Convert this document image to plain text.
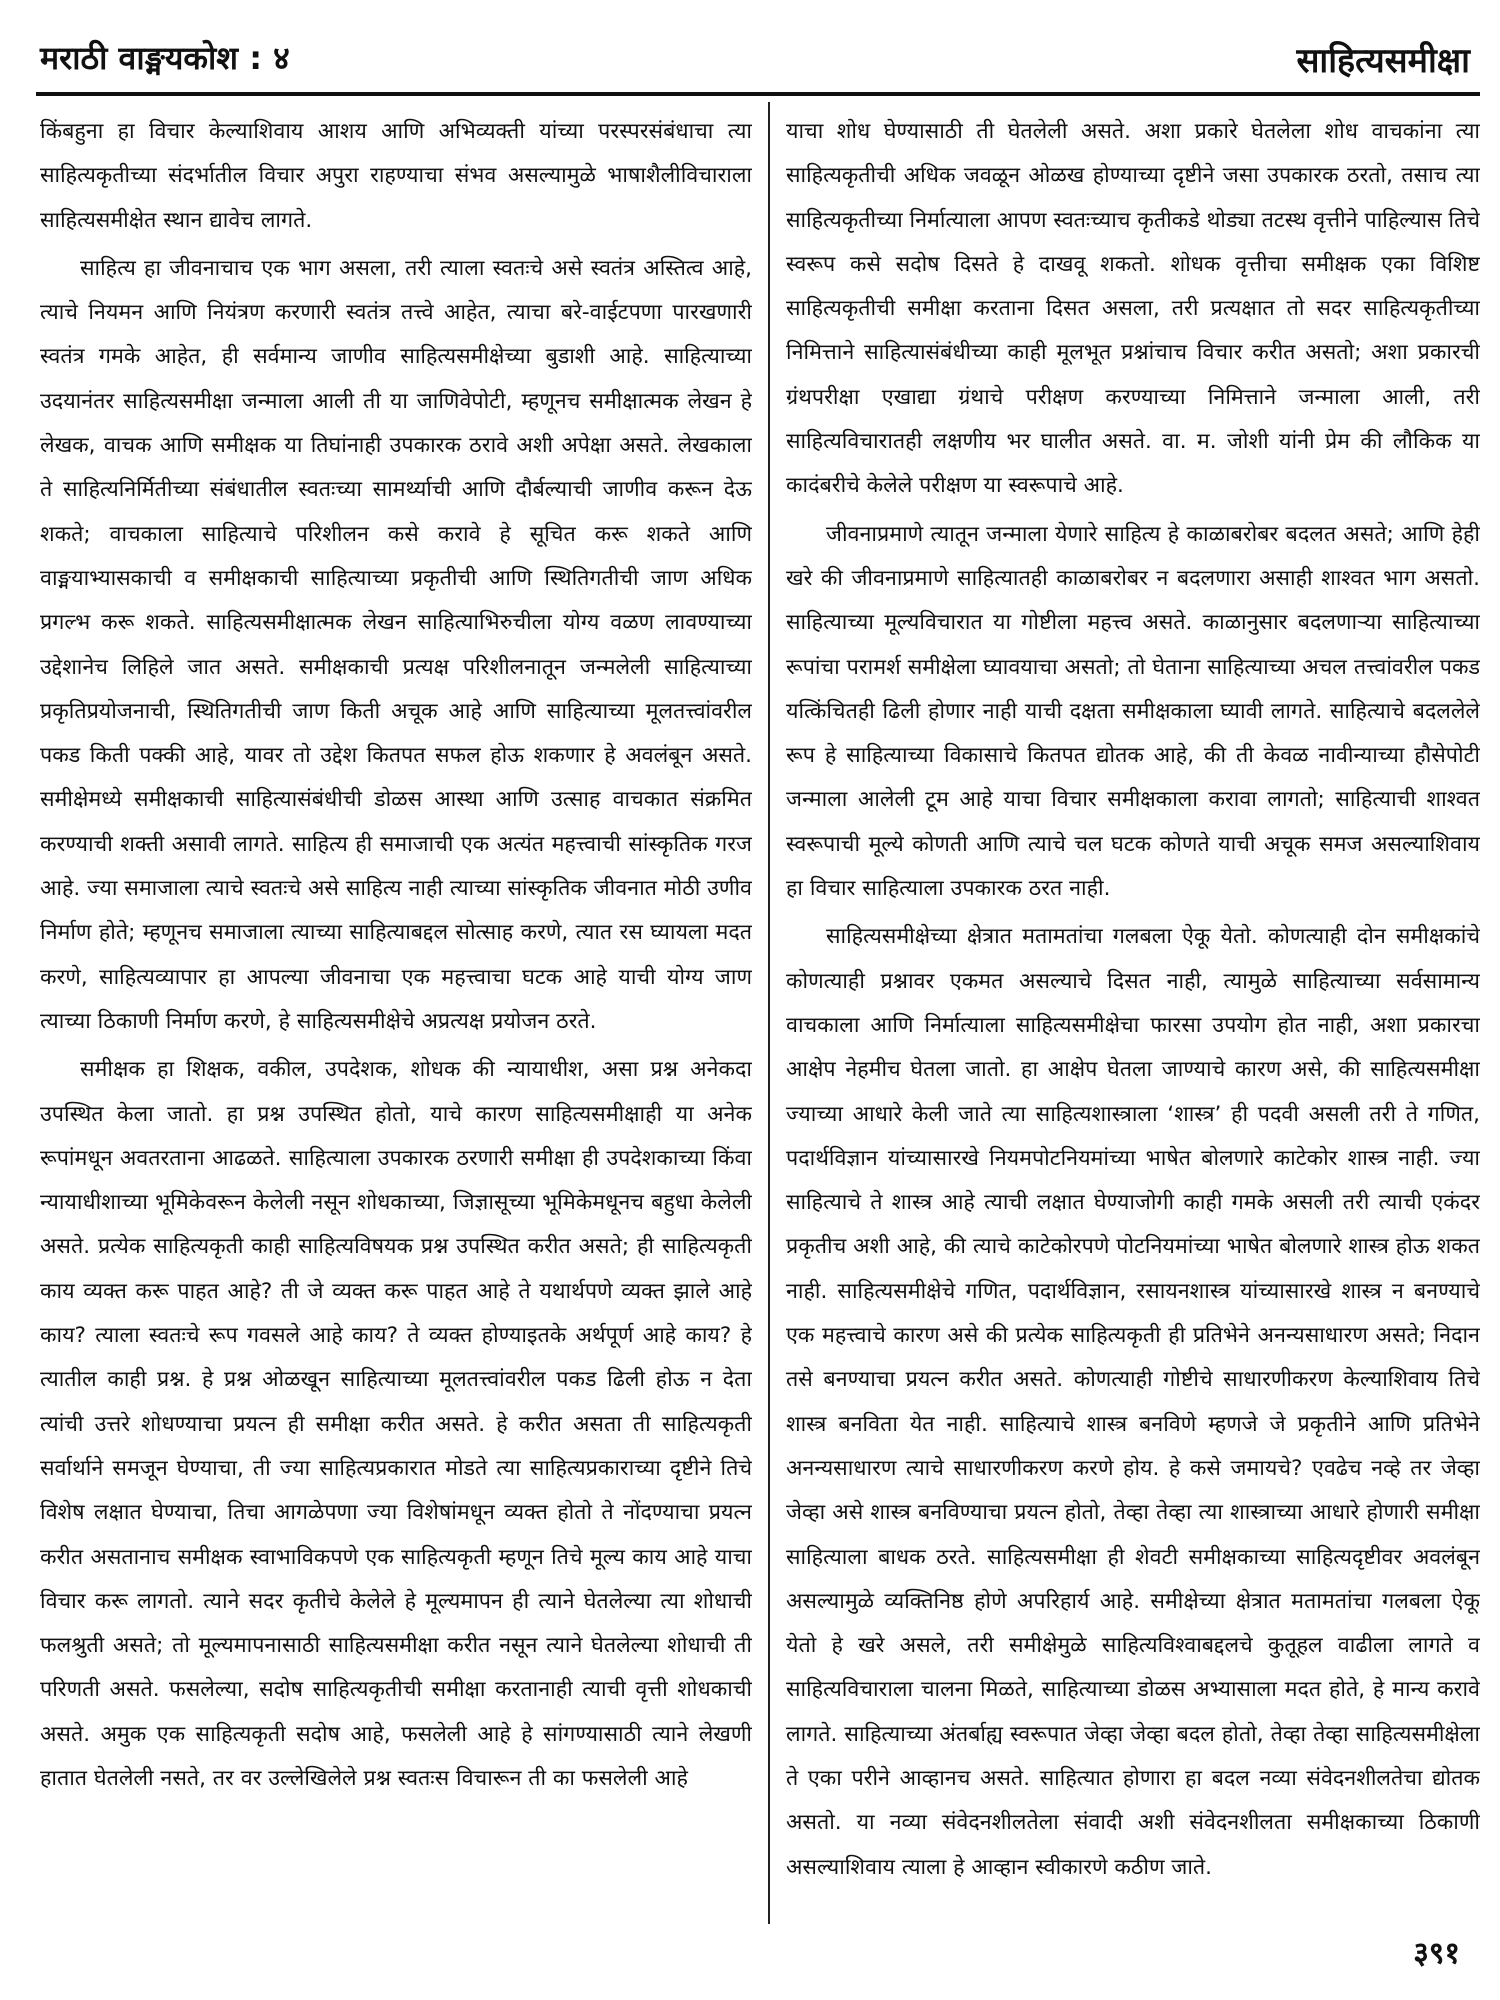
मराठी वाङ्मयकोश : ४	साहित्यसमीक्षा

किंबहुना हा विचार केल्याशिवाय आशय आणि अभिव्यक्ती यांच्या परस्परसंबंधाचा त्या साहित्यकृतीच्या संदर्भातील विचार अपुरा राहण्याचा संभव असल्यामुळे भाषाशैलीविचाराला साहित्यसमीक्षेत स्थान द्यावेच लागते.

साहित्य हा जीवनाचाच एक भाग असला, तरी त्याला स्वतःचे असे स्वतंत्र अस्तित्व आहे, त्याचे नियमन आणि नियंत्रण करणारी स्वतंत्र तत्त्वे आहेत, त्याचा बरे-वाईटपणा पारखणारी स्वतंत्र गमके आहेत, ही सर्वमान्य जाणीव साहित्यसमीक्षेच्या बुडाशी आहे. साहित्याच्या उदयानंतर साहित्यसमीक्षा जन्माला आली ती या जाणिवेपोटी, म्हणूनच समीक्षात्मक लेखन हे लेखक, वाचक आणि समीक्षक या तिघांनाही उपकारक ठरावे अशी अपेक्षा असते. लेखकाला ते साहित्यनिर्मितीच्या संबंधातील स्वतःच्या सामर्थ्याची आणि दौर्बल्याची जाणीव करून देऊ शकते; वाचकाला साहित्याचे परिशीलन कसे करावे हे सूचित करू शकते आणि वाङ्मयाभ्यासकाची व समीक्षकाची साहित्याच्या प्रकृतीची आणि स्थितिगतीची जाण अधिक प्रगल्भ करू शकते. साहित्यसमीक्षात्मक लेखन साहित्याभिरुचीला योग्य वळण लावण्याच्या उद्देशानेच लिहिले जात असते. समीक्षकाची प्रत्यक्ष परिशीलनातून जन्मलेली साहित्याच्या प्रकृतिप्रयोजनाची, स्थितिगतीची जाण किती अचूक आहे आणि साहित्याच्या मूलतत्त्वांवरील पकड किती पक्की आहे, यावर तो उद्देश कितपत सफल होऊ शकणार हे अवलंबून असते. समीक्षेमध्ये समीक्षकाची साहित्यासंबंधीची डोळस आस्था आणि उत्साह वाचकात संक्रमित करण्याची शक्ती असावी लागते. साहित्य ही समाजाची एक अत्यंत महत्त्वाची सांस्कृतिक गरज आहे. ज्या समाजाला त्याचे स्वतःचे असे साहित्य नाही त्याच्या सांस्कृतिक जीवनात मोठी उणीव निर्माण होते; म्हणूनच समाजाला त्याच्या साहित्याबद्दल सोत्साह करणे, त्यात रस घ्यायला मदत करणे, साहित्यव्यापार हा आपल्या जीवनाचा एक महत्त्वाचा घटक आहे याची योग्य जाण त्याच्या ठिकाणी निर्माण करणे, हे साहित्यसमीक्षेचे अप्रत्यक्ष प्रयोजन ठरते.

समीक्षक हा शिक्षक, वकील, उपदेशक, शोधक की न्यायाधीश, असा प्रश्न अनेकदा उपस्थित केला जातो. हा प्रश्न उपस्थित होतो, याचे कारण साहित्यसमीक्षाही या अनेक रूपांमधून अवतरताना आढळते. साहित्याला उपकारक ठरणारी समीक्षा ही उपदेशकाच्या किंवा न्यायाधीशाच्या भूमिकेवरून केलेली नसून शोधकाच्या, जिज्ञासूच्या भूमिकेमधूनच बहुधा केलेली असते. प्रत्येक साहित्यकृती काही साहित्यविषयक प्रश्न उपस्थित करीत असते; ही साहित्यकृती काय व्यक्त करू पाहत आहे? ती जे व्यक्त करू पाहत आहे ते यथार्थपणे व्यक्त झाले आहे काय? त्याला स्वतःचे रूप गवसले आहे काय? ते व्यक्त होण्याइतके अर्थपूर्ण आहे काय? हे त्यातील काही प्रश्न. हे प्रश्न ओळखून साहित्याच्या मूलतत्त्वांवरील पकड ढिली होऊ न देता त्यांची उत्तरे शोधण्याचा प्रयत्न ही समीक्षा करीत असते. हे करीत असता ती साहित्यकृती सर्वार्थाने समजून घेण्याचा, ती ज्या साहित्यप्रकारात मोडते त्या साहित्यप्रकाराच्या दृष्टीने तिचे विशेष लक्षात घेण्याचा, तिचा आगळेपणा ज्या विशेषांमधून व्यक्त होतो ते नोंदण्याचा प्रयत्न करीत असतानाच समीक्षक स्वाभाविकपणे एक साहित्यकृती म्हणून तिचे मूल्य काय आहे याचा विचार करू लागतो. त्याने सदर कृतीचे केलेले हे मूल्यमापन ही त्याने घेतलेल्या त्या शोधाची फलश्रुती असते; तो मूल्यमापनासाठी साहित्यसमीक्षा करीत नसून त्याने घेतलेल्या शोधाची ती परिणती असते. फसलेल्या, सदोष साहित्यकृतीची समीक्षा करतानाही त्याची वृत्ती शोधकाची असते. अमुक एक साहित्यकृती सदोष आहे, फसलेली आहे हे सांगण्यासाठी त्याने लेखणी हातात घेतलेली नसते, तर वर उल्लेखिलेले प्रश्न स्वतःस विचारून ती का फसलेली आहे

याचा शोध घेण्यासाठी ती घेतलेली असते. अशा प्रकारे घेतलेला शोध वाचकांना त्या साहित्यकृतीची अधिक जवळून ओळख होण्याच्या दृष्टीने जसा उपकारक ठरतो, तसाच त्या साहित्यकृतीच्या निर्मात्याला आपण स्वतःच्याच कृतीकडे थोड्या तटस्थ वृत्तीने पाहिल्यास तिचे स्वरूप कसे सदोष दिसते हे दाखवू शकतो. शोधक वृत्तीचा समीक्षक एका विशिष्ट साहित्यकृतीची समीक्षा करताना दिसत असला, तरी प्रत्यक्षात तो सदर साहित्यकृतीच्या निमित्ताने साहित्यासंबंधीच्या काही मूलभूत प्रश्नांचाच विचार करीत असतो; अशा प्रकारची ग्रंथपरीक्षा एखाद्या ग्रंथाचे परीक्षण करण्याच्या निमित्ताने जन्माला आली, तरी साहित्यविचारातही लक्षणीय भर घालीत असते. वा. म. जोशी यांनी प्रेम की लौकिक या कादंबरीचे केलेले परीक्षण या स्वरूपाचे आहे.

जीवनाप्रमाणे त्यातून जन्माला येणारे साहित्य हे काळाबरोबर बदलत असते; आणि हेही खरे की जीवनाप्रमाणे साहित्यातही काळाबरोबर न बदलणारा असाही शाश्वत भाग असतो. साहित्याच्या मूल्यविचारात या गोष्टीला महत्त्व असते. काळानुसार बदलणाऱ्या साहित्याच्या रूपांचा परामर्श समीक्षेला घ्यावयाचा असतो; तो घेताना साहित्याच्या अचल तत्त्वांवरील पकड यत्किंचितही ढिली होणार नाही याची दक्षता समीक्षकाला घ्यावी लागते. साहित्याचे बदललेले रूप हे साहित्याच्या विकासाचे कितपत द्योतक आहे, की ती केवळ नावीन्याच्या हौसेपोटी जन्माला आलेली टूम आहे याचा विचार समीक्षकाला करावा लागतो; साहित्याची शाश्वत स्वरूपाची मूल्ये कोणती आणि त्याचे चल घटक कोणते याची अचूक समज असल्याशिवाय हा विचार साहित्याला उपकारक ठरत नाही.

साहित्यसमीक्षेच्या क्षेत्रात मतामतांचा गलबला ऐकू येतो. कोणत्याही दोन समीक्षकांचे कोणत्याही प्रश्नावर एकमत असल्याचे दिसत नाही, त्यामुळे साहित्याच्या सर्वसामान्य वाचकाला आणि निर्मात्याला साहित्यसमीक्षेचा फारसा उपयोग होत नाही, अशा प्रकारचा आक्षेप नेहमीच घेतला जातो. हा आक्षेप घेतला जाण्याचे कारण असे, की साहित्यसमीक्षा ज्याच्या आधारे केली जाते त्या साहित्यशास्त्राला ‘शास्त्र’ ही पदवी असली तरी ते गणित, पदार्थविज्ञान यांच्यासारखे नियमपोटनियमांच्या भाषेत बोलणारे काटेकोर शास्त्र नाही. ज्या साहित्याचे ते शास्त्र आहे त्याची लक्षात घेण्याजोगी काही गमके असली तरी त्याची एकंदर प्रकृतीच अशी आहे, की त्याचे काटेकोरपणे पोटनियमांच्या भाषेत बोलणारे शास्त्र होऊ शकत नाही. साहित्यसमीक्षेचे गणित, पदार्थविज्ञान, रसायनशास्त्र यांच्यासारखे शास्त्र न बनण्याचे एक महत्त्वाचे कारण असे की प्रत्येक साहित्यकृती ही प्रतिभेने अनन्यसाधारण असते; निदान तसे बनण्याचा प्रयत्न करीत असते. कोणत्याही गोष्टीचे साधारणीकरण केल्याशिवाय तिचे शास्त्र बनविता येत नाही. साहित्याचे शास्त्र बनविणे म्हणजे जे प्रकृतीने आणि प्रतिभेने अनन्यसाधारण त्याचे साधारणीकरण करणे होय. हे कसे जमायचे? एवढेच नव्हे तर जेव्हा जेव्हा असे शास्त्र बनविण्याचा प्रयत्न होतो, तेव्हा तेव्हा त्या शास्त्राच्या आधारे होणारी समीक्षा साहित्याला बाधक ठरते. साहित्यसमीक्षा ही शेवटी समीक्षकाच्या साहित्यदृष्टीवर अवलंबून असल्यामुळे व्यक्तिनिष्ठ होणे अपरिहार्य आहे. समीक्षेच्या क्षेत्रात मतामतांचा गलबला ऐकू येतो हे खरे असले, तरी समीक्षेमुळे साहित्यविश्वाबद्दलचे कुतूहल वाढीला लागते व साहित्यविचाराला चालना मिळते, साहित्याच्या डोळस अभ्यासाला मदत होते, हे मान्य करावे लागते. साहित्याच्या अंतर्बाह्य स्वरूपात जेव्हा जेव्हा बदल होतो, तेव्हा तेव्हा साहित्यसमीक्षेला ते एका परीने आव्हानच असते. साहित्यात होणारा हा बदल नव्या संवेदनशीलतेचा द्योतक असतो. या नव्या संवेदनशीलतेला संवादी अशी संवेदनशीलता समीक्षकाच्या ठिकाणी असल्याशिवाय त्याला हे आव्हान स्वीकारणे कठीण जाते.

३९१
